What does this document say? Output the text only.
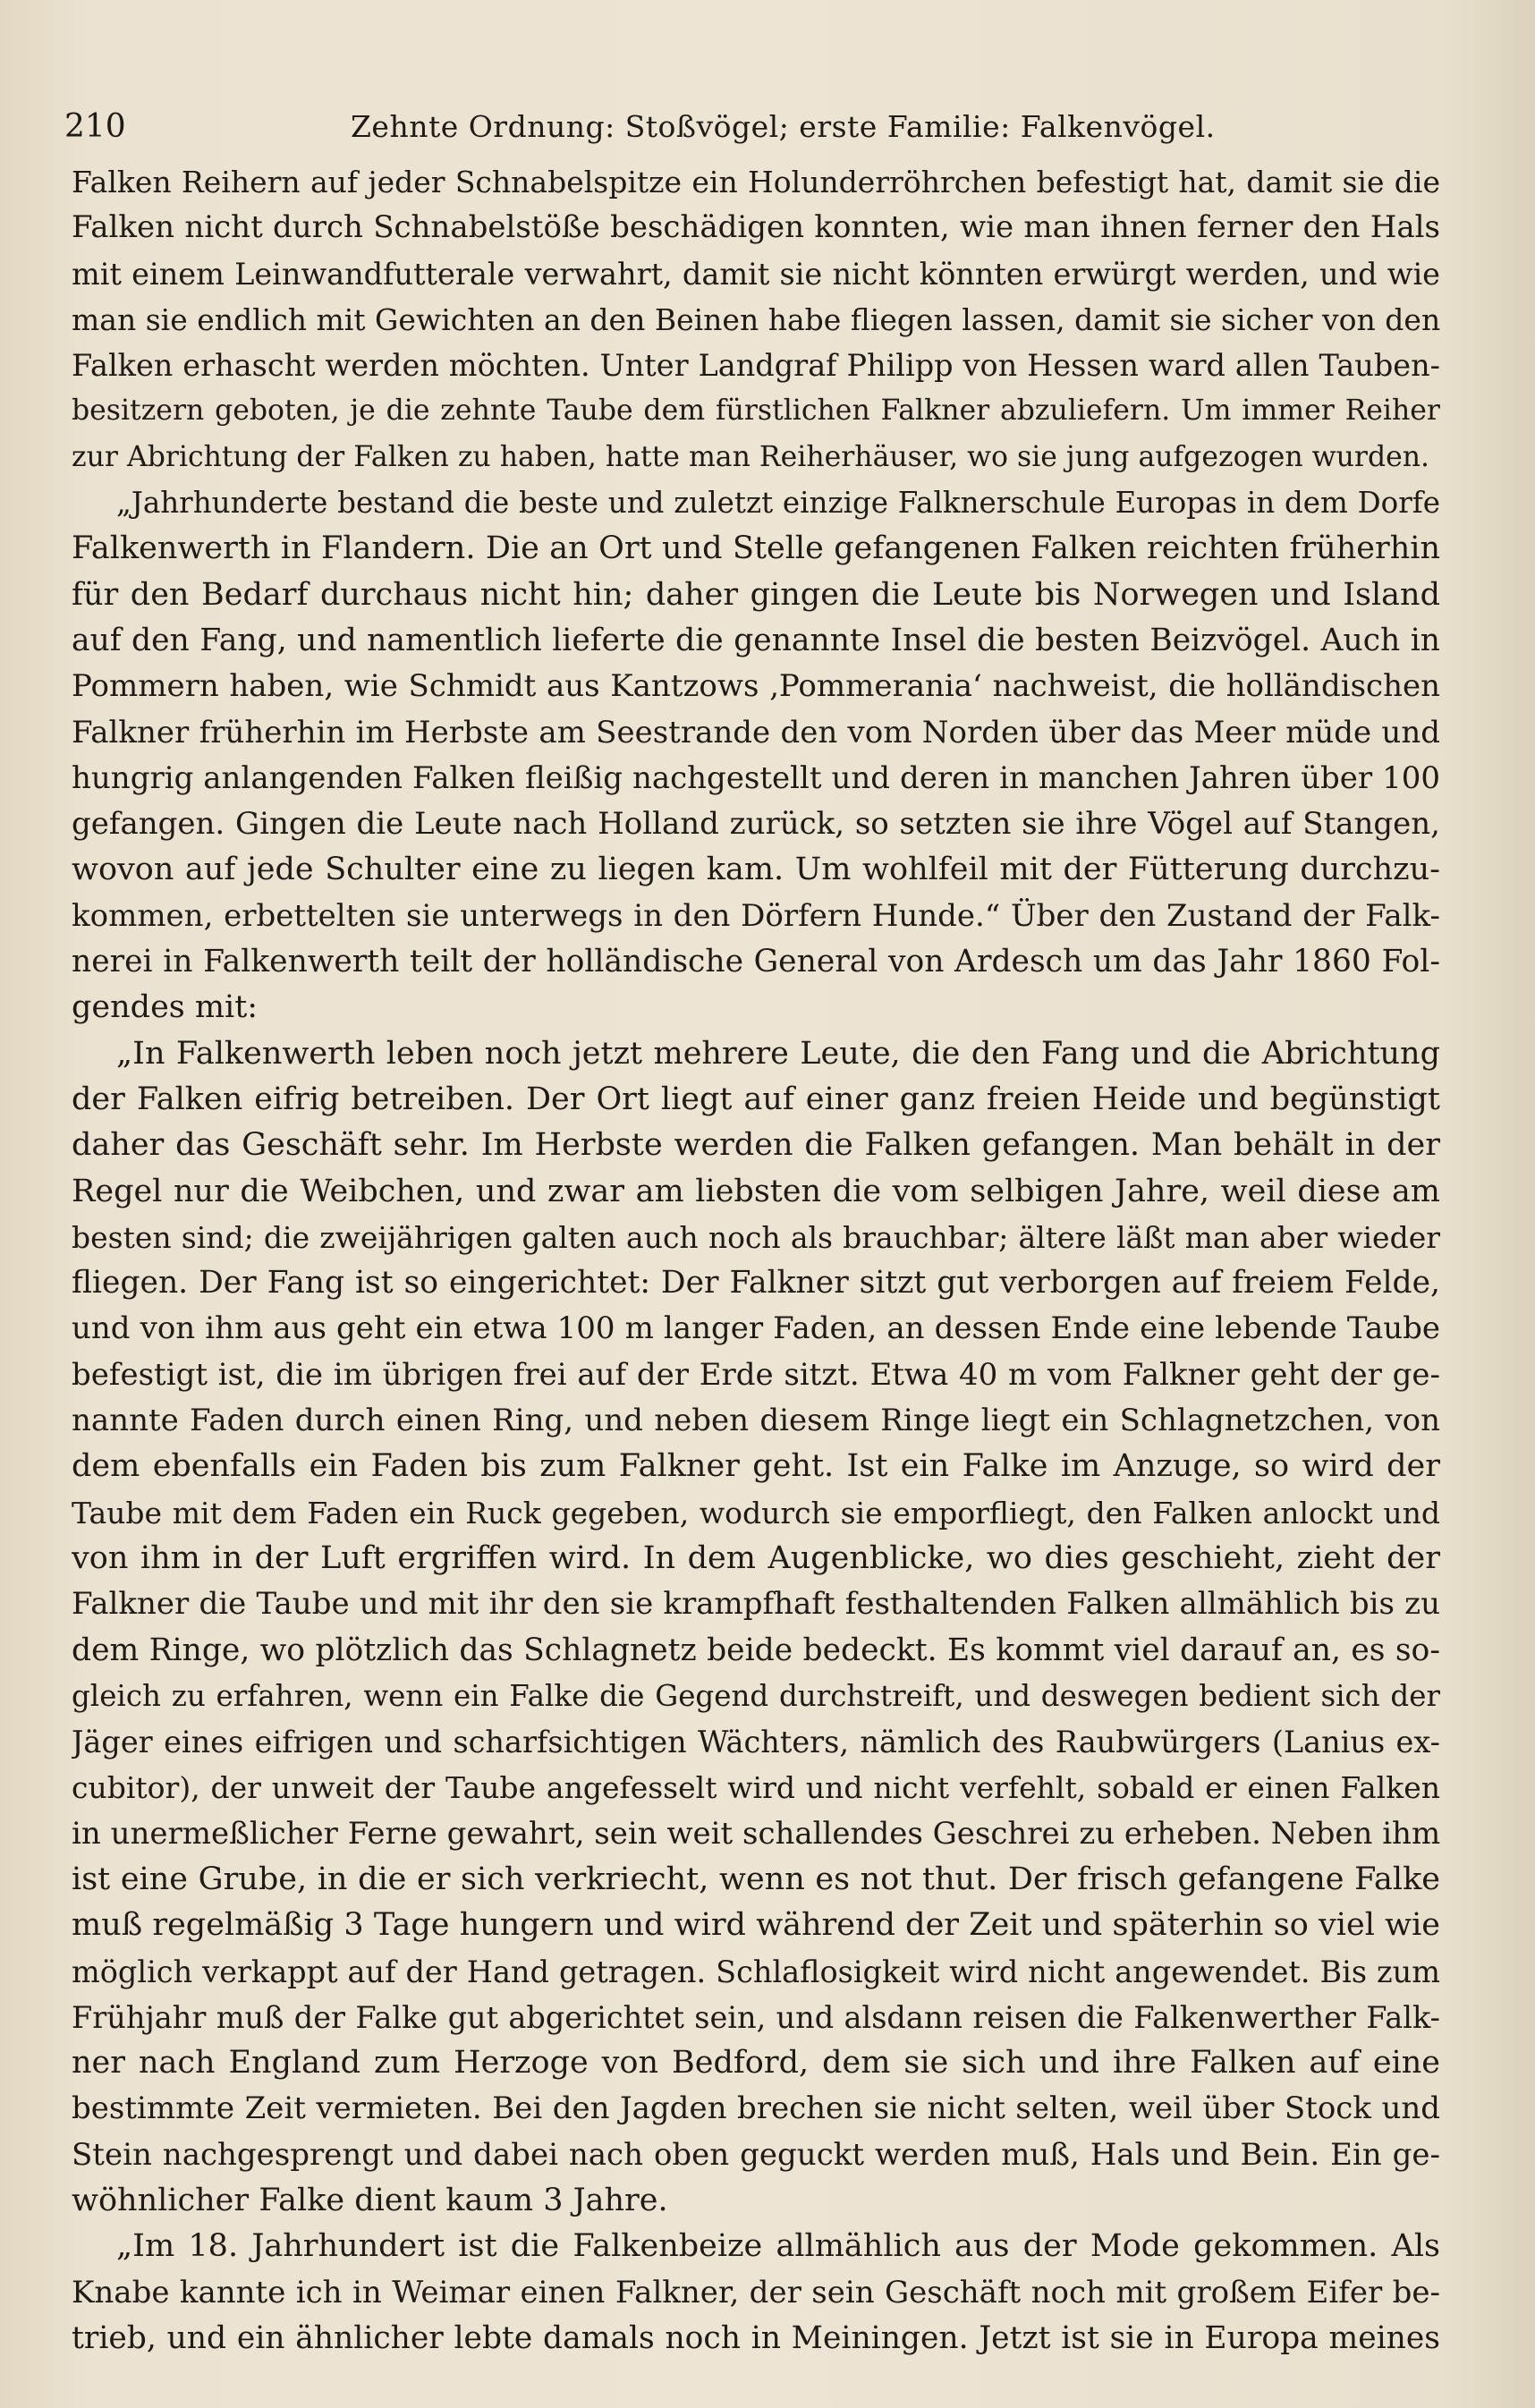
210	Zehnte Ordnung: Stoßvögel; erste Familie: Falkenvögel.
Falken Reihern auf jeder Schnabelspitze ein Holunderröhrchen befestigt hat, damit sie die
Falken nicht durch Schnabelstöße beschädigen konnten, wie man ihnen ferner den Hals
mit einem Leinwandfutterale verwahrt, damit sie nicht könnten erwürgt werden, und wie
man sie endlich mit Gewichten an den Beinen habe fliegen lassen, damit sie sicher von den
Falken erhascht werden möchten. Unter Landgraf Philipp von Hessen ward allen Tauben-
besitzern geboten, je die zehnte Taube dem fürstlichen Falkner abzuliefern. Um immer Reiher
zur Abrichtung der Falken zu haben, hatte man Reiherhäuser, wo sie jung aufgezogen wurden.
„Jahrhunderte bestand die beste und zuletzt einzige Falknerschule Europas in dem Dorfe
Falkenwerth in Flandern. Die an Ort und Stelle gefangenen Falken reichten früherhin
für den Bedarf durchaus nicht hin; daher gingen die Leute bis Norwegen und Island
auf den Fang, und namentlich lieferte die genannte Insel die besten Beizvögel. Auch in
Pommern haben, wie Schmidt aus Kantzows ‚Pommerania‘ nachweist, die holländischen
Falkner früherhin im Herbste am Seestrande den vom Norden über das Meer müde und
hungrig anlangenden Falken fleißig nachgestellt und deren in manchen Jahren über 100
gefangen. Gingen die Leute nach Holland zurück, so setzten sie ihre Vögel auf Stangen,
wovon auf jede Schulter eine zu liegen kam. Um wohlfeil mit der Fütterung durchzu-
kommen, erbettelten sie unterwegs in den Dörfern Hunde.“ Über den Zustand der Falk-
nerei in Falkenwerth teilt der holländische General von Ardesch um das Jahr 1860 Fol-
gendes mit:
„In Falkenwerth leben noch jetzt mehrere Leute, die den Fang und die Abrichtung
der Falken eifrig betreiben. Der Ort liegt auf einer ganz freien Heide und begünstigt
daher das Geschäft sehr. Im Herbste werden die Falken gefangen. Man behält in der
Regel nur die Weibchen, und zwar am liebsten die vom selbigen Jahre, weil diese am
besten sind; die zweijährigen galten auch noch als brauchbar; ältere läßt man aber wieder
fliegen. Der Fang ist so eingerichtet: Der Falkner sitzt gut verborgen auf freiem Felde,
und von ihm aus geht ein etwa 100 m langer Faden, an dessen Ende eine lebende Taube
befestigt ist, die im übrigen frei auf der Erde sitzt. Etwa 40 m vom Falkner geht der ge-
nannte Faden durch einen Ring, und neben diesem Ringe liegt ein Schlagnetzchen, von
dem ebenfalls ein Faden bis zum Falkner geht. Ist ein Falke im Anzuge, so wird der
Taube mit dem Faden ein Ruck gegeben, wodurch sie emporfliegt, den Falken anlockt und
von ihm in der Luft ergriffen wird. In dem Augenblicke, wo dies geschieht, zieht der
Falkner die Taube und mit ihr den sie krampfhaft festhaltenden Falken allmählich bis zu
dem Ringe, wo plötzlich das Schlagnetz beide bedeckt. Es kommt viel darauf an, es so-
gleich zu erfahren, wenn ein Falke die Gegend durchstreift, und deswegen bedient sich der
Jäger eines eifrigen und scharfsichtigen Wächters, nämlich des Raubwürgers (Lanius ex-
cubitor), der unweit der Taube angefesselt wird und nicht verfehlt, sobald er einen Falken
in unermeßlicher Ferne gewahrt, sein weit schallendes Geschrei zu erheben. Neben ihm
ist eine Grube, in die er sich verkriecht, wenn es not thut. Der frisch gefangene Falke
muß regelmäßig 3 Tage hungern und wird während der Zeit und späterhin so viel wie
möglich verkappt auf der Hand getragen. Schlaflosigkeit wird nicht angewendet. Bis zum
Frühjahr muß der Falke gut abgerichtet sein, und alsdann reisen die Falkenwerther Falk-
ner nach England zum Herzoge von Bedford, dem sie sich und ihre Falken auf eine
bestimmte Zeit vermieten. Bei den Jagden brechen sie nicht selten, weil über Stock und
Stein nachgesprengt und dabei nach oben geguckt werden muß, Hals und Bein. Ein ge-
wöhnlicher Falke dient kaum 3 Jahre.
„Im 18. Jahrhundert ist die Falkenbeize allmählich aus der Mode gekommen. Als
Knabe kannte ich in Weimar einen Falkner, der sein Geschäft noch mit großem Eifer be-
trieb, und ein ähnlicher lebte damals noch in Meiningen. Jetzt ist sie in Europa meines
